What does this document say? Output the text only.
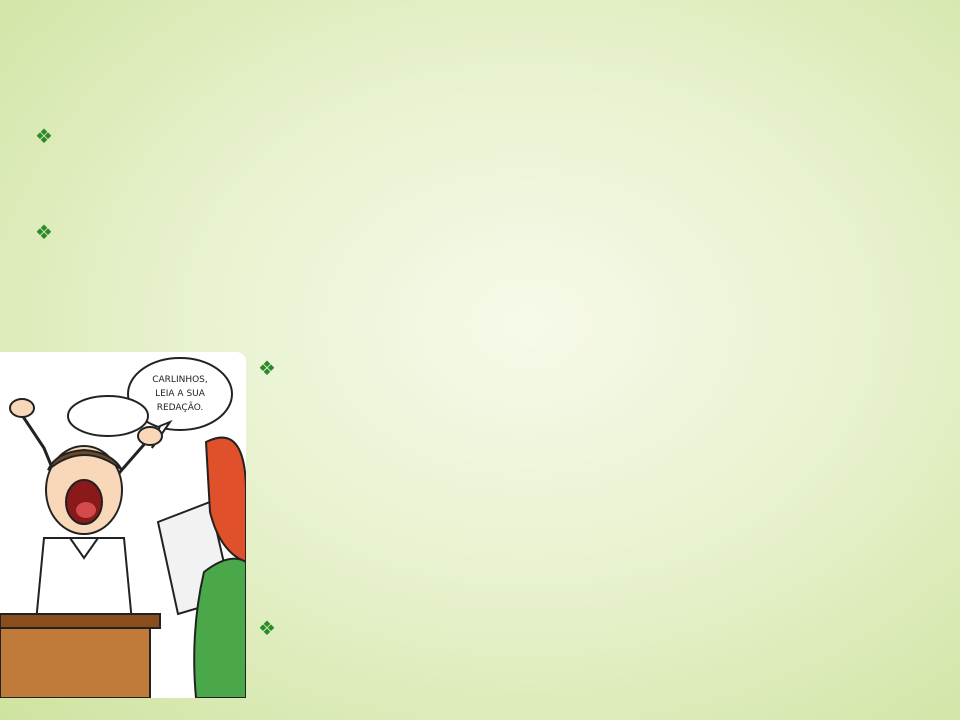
❖
❖
❖
❖
CARLINHOS,
LEIA A SUA
REDAÇÃO.
